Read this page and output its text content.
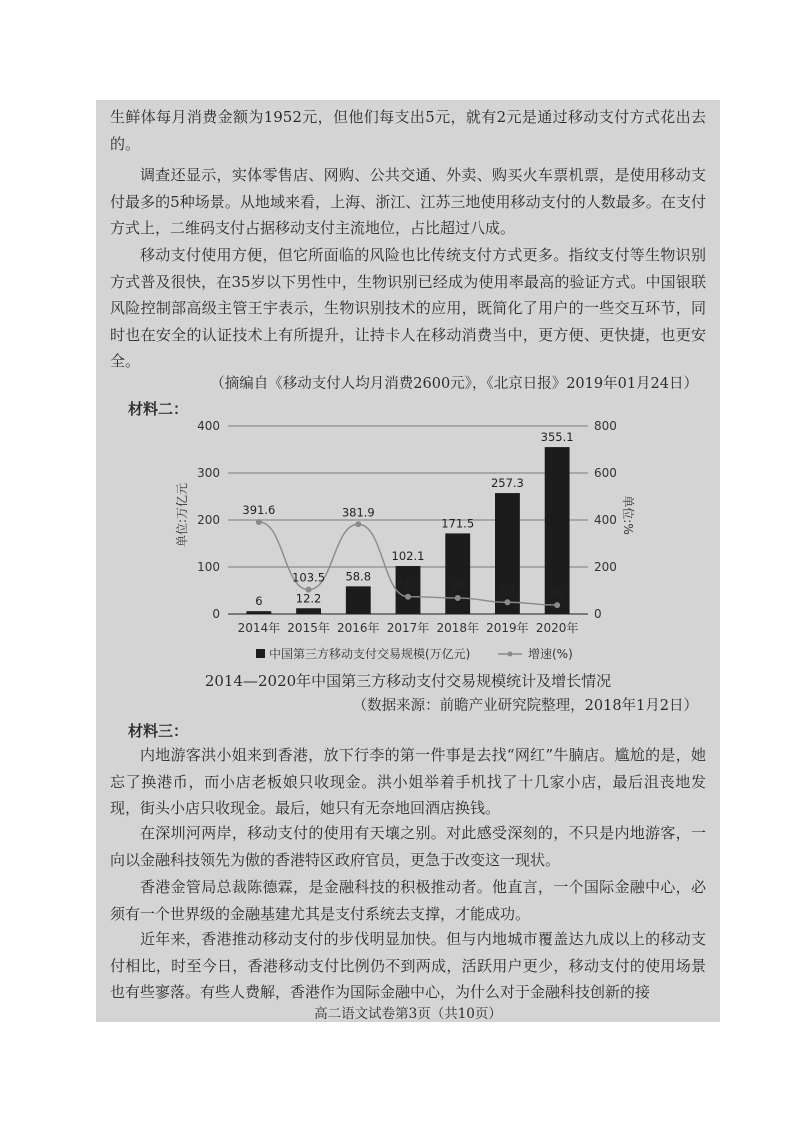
生鲜体每月消费金额为1952元，但他们每支出5元，就有2元是通过移动支付方式花出去的。

调查还显示，实体零售店、网购、公共交通、外卖、购买火车票机票，是使用移动支付最多的5种场景。从地域来看，上海、浙江、江苏三地使用移动支付的人数最多。在支付方式上，二维码支付占据移动支付主流地位，占比超过八成。

移动支付使用方便，但它所面临的风险也比传统支付方式更多。指纹支付等生物识别方式普及很快，在35岁以下男性中，生物识别已经成为使用率最高的验证方式。中国银联风险控制部高级主管王宇表示，生物识别技术的应用，既简化了用户的一些交互环节，同时也在安全的认证技术上有所提升，让持卡人在移动消费当中，更方便、更快捷，也更安全。

（摘编自《移动支付人均月消费2600元》，《北京日报》2019年01月24日）
材料二：
0
100
200
300
400
0
200
400
600
800
2014年 2015年 2016年 2017年 2018年 2019年 2020年
6	12.2
58.8
102.1
171.5
257.3
355.1
391.6
103.5
381.9
73.6	68	50	38
中国第三方移动支付交易规模(万亿元)	增速(%)
单位:万亿元	单位:%
2014—2020年中国第三方移动支付交易规模统计及增长情况
（数据来源：前瞻产业研究院整理，2018年1月2日）
材料三：

内地游客洪小姐来到香港，放下行李的第一件事是去找“网红”牛腩店。尴尬的是，她忘了换港币，而小店老板娘只收现金。洪小姐举着手机找了十几家小店，最后沮丧地发现，街头小店只收现金。最后，她只有无奈地回酒店换钱。

在深圳河两岸，移动支付的使用有天壤之别。对此感受深刻的，不只是内地游客，一向以金融科技领先为傲的香港特区政府官员，更急于改变这一现状。

香港金管局总裁陈德霖，是金融科技的积极推动者。他直言，一个国际金融中心，必须有一个世界级的金融基建尤其是支付系统去支撑，才能成功。

近年来，香港推动移动支付的步伐明显加快。但与内地城市覆盖达九成以上的移动支付相比，时至今日，香港移动支付比例仍不到两成，活跃用户更少，移动支付的使用场景也有些寥落。有些人费解，香港作为国际金融中心，为什么对于金融科技创新的接

高二语文试卷第3页（共10页）
